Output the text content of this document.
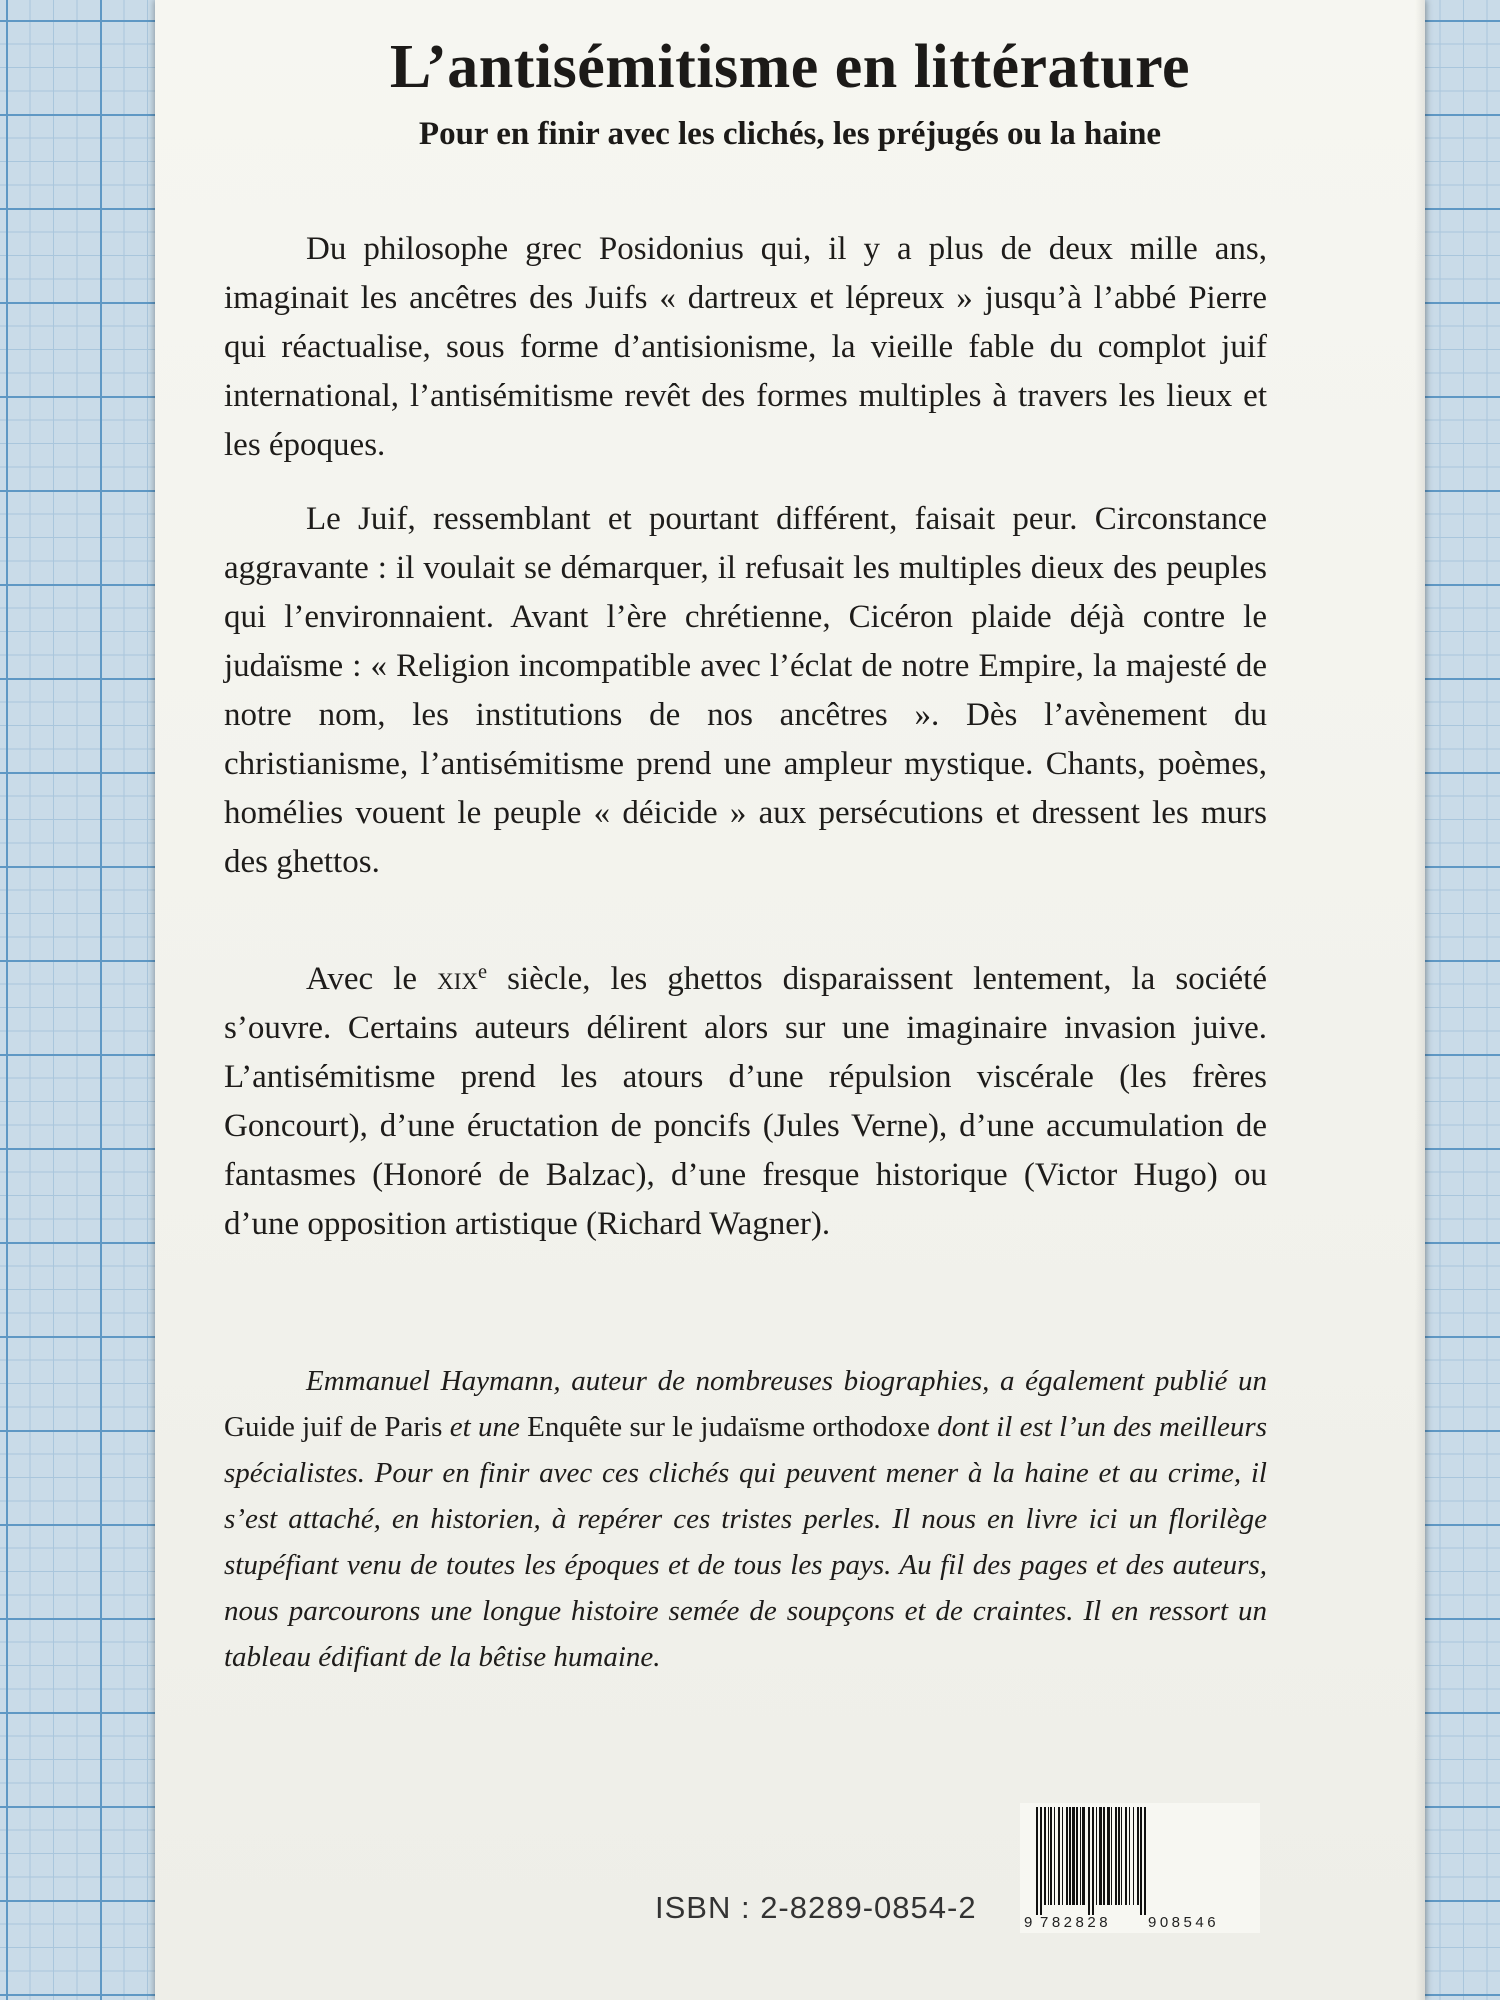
L’antisémitisme en littérature
Pour en finir avec les clichés, les préjugés ou la haine

Du philosophe grec Posidonius qui, il y a plus de deux mille ans, imaginait les ancêtres des Juifs « dartreux et lépreux » jusqu’à l’abbé Pierre qui réactualise, sous forme d’antisionisme, la vieille fable du complot juif international, l’antisémitisme revêt des formes multiples à travers les lieux et les époques.

Le Juif, ressemblant et pourtant différent, faisait peur. Circonstance aggravante : il voulait se démarquer, il refusait les multiples dieux des peuples qui l’environnaient. Avant l’ère chrétienne, Cicéron plaide déjà contre le judaïsme : « Religion incompatible avec l’éclat de notre Empire, la majesté de notre nom, les institutions de nos ancêtres ». Dès l’avènement du christianisme, l’antisémitisme prend une ampleur mystique. Chants, poèmes, homélies vouent le peuple « déicide » aux persécutions et dressent les murs des ghettos.

Avec le xix$^e$ siècle, les ghettos disparaissent lentement, la société s’ouvre. Certains auteurs délirent alors sur une imaginaire invasion juive. L’antisémitisme prend les atours d’une répulsion viscérale (les frères Goncourt), d’une éructation de poncifs (Jules Verne), d’une accumulation de fantasmes (Honoré de Balzac), d’une fresque historique (Victor Hugo) ou d’une opposition artistique (Richard Wagner).

Emmanuel Haymann, auteur de nombreuses biographies, a également publié un Guide juif de Paris et une Enquête sur le judaïsme orthodoxe dont il est l’un des meilleurs spécialistes. Pour en finir avec ces clichés qui peuvent mener à la haine et au crime, il s’est attaché, en historien, à repérer ces tristes perles. Il nous en livre ici un florilège stupéfiant venu de toutes les époques et de tous les pays. Au fil des pages et des auteurs, nous parcourons une longue histoire semée de soupçons et de craintes. Il en ressort un tableau édifiant de la bêtise humaine.

ISBN : 2-8289-0854-2	9 782828 908546
